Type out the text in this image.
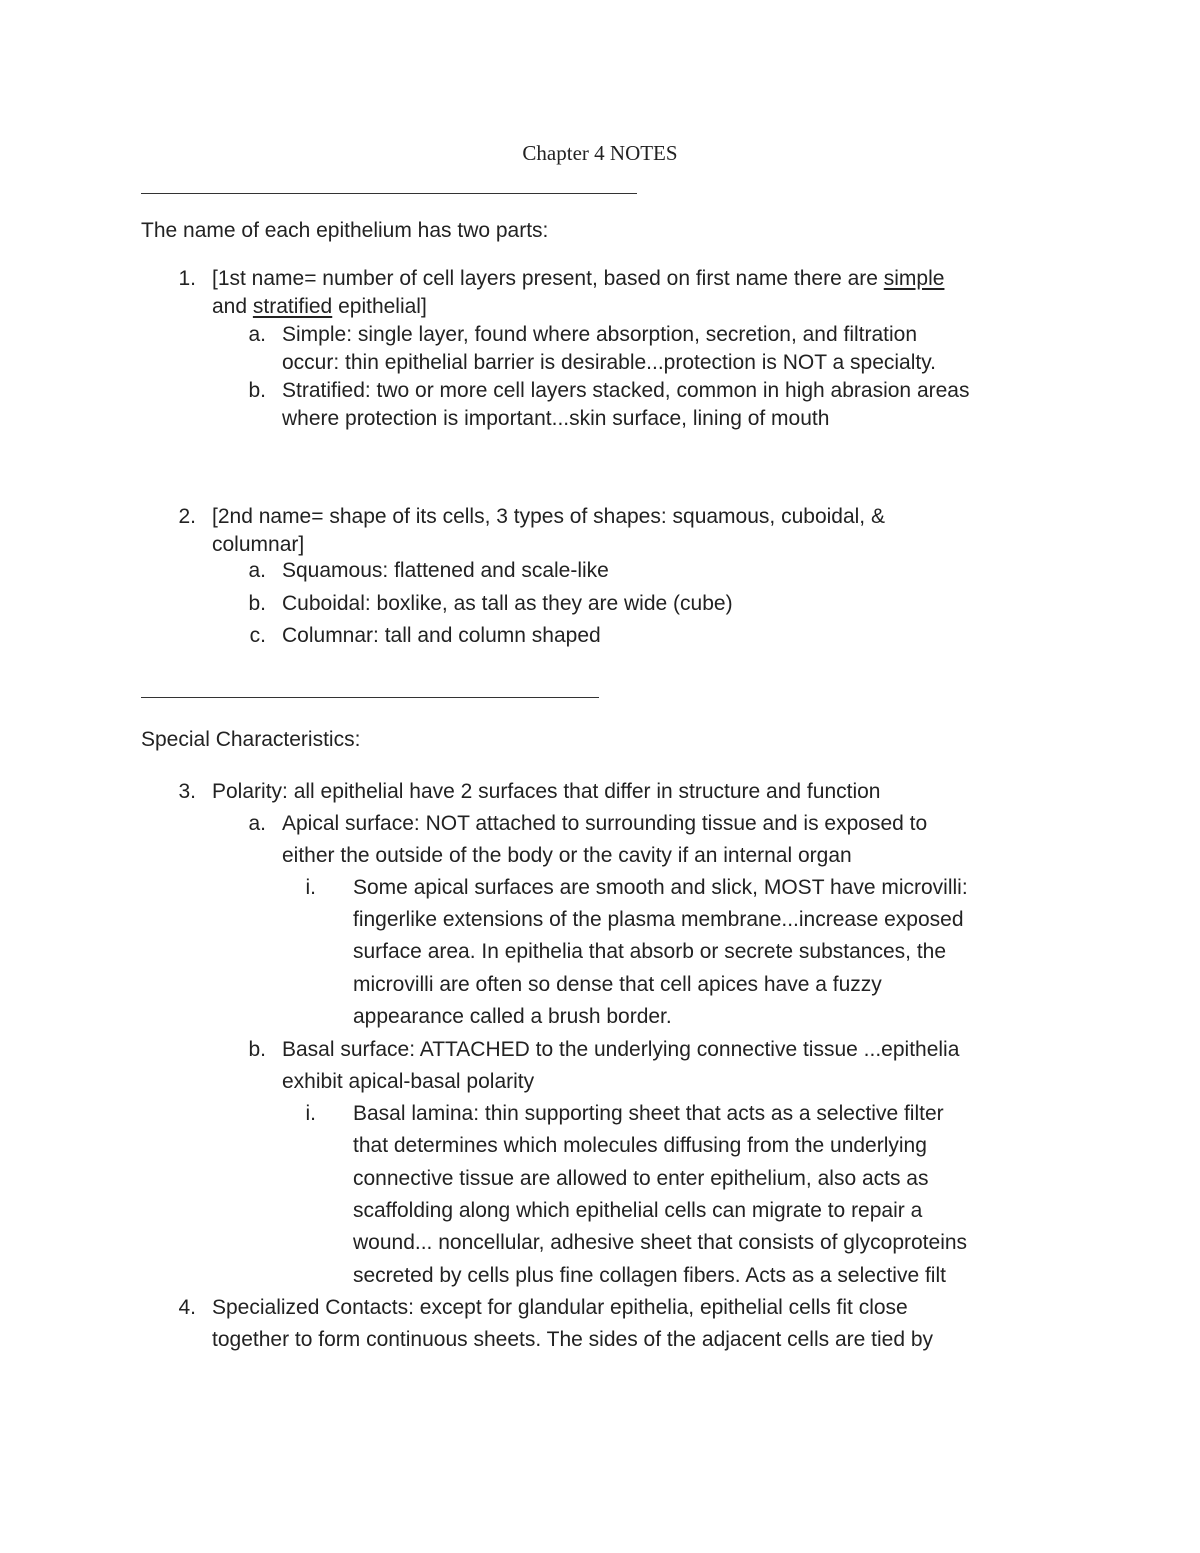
Chapter 4 NOTES
The name of each epithelium has two parts:
1. [1st name= number of cell layers present, based on first name there are simple
and stratified epithelial]
a. Simple: single layer, found where absorption, secretion, and filtration
occur: thin epithelial barrier is desirable...protection is NOT a specialty.
b. Stratified: two or more cell layers stacked, common in high abrasion areas
where protection is important...skin surface, lining of mouth
2. [2nd name= shape of its cells, 3 types of shapes: squamous, cuboidal, &
columnar]
a. Squamous: flattened and scale-like
b. Cuboidal: boxlike, as tall as they are wide (cube)
c. Columnar: tall and column shaped
Special Characteristics:
3. Polarity: all epithelial have 2 surfaces that differ in structure and function
a. Apical surface: NOT attached to surrounding tissue and is exposed to
either the outside of the body or the cavity if an internal organ
i. Some apical surfaces are smooth and slick, MOST have microvilli:
fingerlike extensions of the plasma membrane...increase exposed
surface area. In epithelia that absorb or secrete substances, the
microvilli are often so dense that cell apices have a fuzzy
appearance called a brush border.
b. Basal surface: ATTACHED to the underlying connective tissue ...epithelia
exhibit apical-basal polarity
i. Basal lamina: thin supporting sheet that acts as a selective filter
that determines which molecules diffusing from the underlying
connective tissue are allowed to enter epithelium, also acts as
scaffolding along which epithelial cells can migrate to repair a
wound... noncellular, adhesive sheet that consists of glycoproteins
secreted by cells plus fine collagen fibers. Acts as a selective filt
4. Specialized Contacts: except for glandular epithelia, epithelial cells fit close
together to form continuous sheets. The sides of the adjacent cells are tied by
